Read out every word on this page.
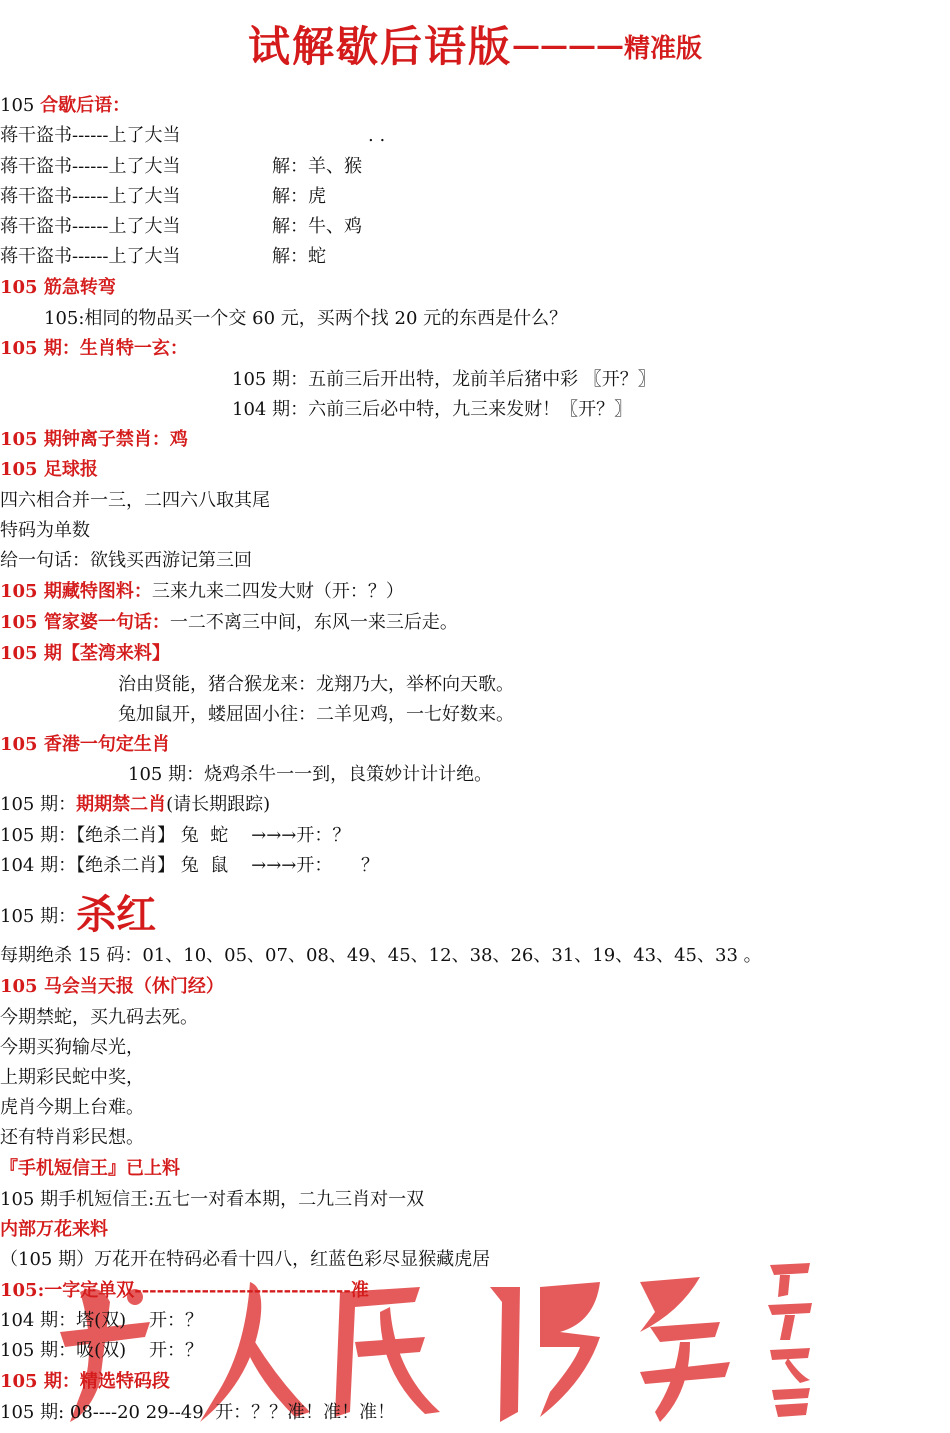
试解歇后语版————精准版
105 合歇后语：
蒋干盗书------上了大当	. .
蒋干盗书------上了大当	解：羊、猴
蒋干盗书------上了大当	解：虎
蒋干盗书------上了大当	解：牛、鸡
蒋干盗书------上了大当	解：蛇
105 筋急转弯
105:相同的物品买一个交 60 元，买两个找 20 元的东西是什么？
105 期：生肖特一玄：
105 期：五前三后开出特，龙前羊后猪中彩 〖开？〗
104 期：六前三后必中特，九三来发财！〖开？〗
105 期钟离子禁肖：鸡
105 足球报
四六相合并一三，二四六八取其尾
特码为单数
给一句话：欲钱买西游记第三回
105 期藏特图料：三来九来二四发大财（开：？）
105 管家婆一句话：一二不离三中间，东风一来三后走。
105 期【荃湾来料】
治由贤能，猪合猴龙来：龙翔乃大，举杯向天歌。
兔加鼠开，蝼屈固小往：二羊见鸡，一七好数来。
105 香港一句定生肖
105 期：烧鸡杀牛一一到，良策妙计计计绝。
105 期：期期禁二肖(请长期跟踪)
105 期：【绝杀二肖】 兔  蛇    →→→开：？
104 期：【绝杀二肖】 兔  鼠    →→→开：     ？
105 期：杀红
每期绝杀 15 码：01、10、05、07、08、49、45、12、38、26、31、19、43、45、33 。
105 马会当天报（休门经）
今期禁蛇，买九码去死。
今期买狗输尽光，
上期彩民蛇中奖，
虎肖今期上台难。
还有特肖彩民想。
『手机短信王』已上料
105 期手机短信王:五七一对看本期，二九三肖对一双
内部万花来料
（105 期）万花开在特码必看十四八，红蓝色彩尽显猴藏虎居
105:一字定单双-----------------------------准
104 期：塔(双)    开：？
105 期：吸(双)    开：？
105 期：精选特码段
105 期: 08----20 29--49  开：？？准！准！准！
